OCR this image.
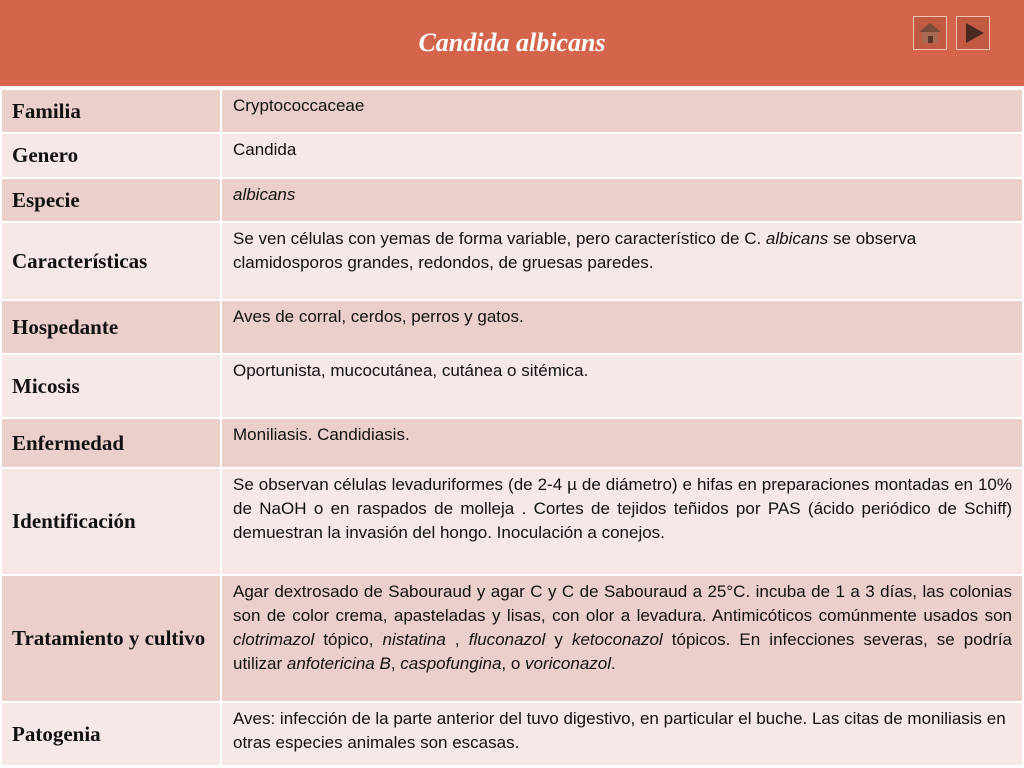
Candida albicans
Familia	Cryptococcaceae
Genero	Candida
Especie	albicans
Características	Se ven células con yemas de forma variable, pero característico de C. albicans se observa clamidosporos grandes, redondos, de gruesas paredes.
Hospedante	Aves de corral, cerdos, perros y gatos.
Micosis	Oportunista, mucocutánea, cutánea o sitémica.
Enfermedad	Moniliasis. Candidiasis.
Identificación	Se observan células levaduriformes (de 2-4 µ de diámetro) e hifas en preparaciones montadas en 10% de NaOH o en raspados de molleja . Cortes de tejidos teñidos por PAS (ácido periódico de Schiff) demuestran la invasión del hongo. Inoculación a conejos.
Tratamiento y cultivo	Agar dextrosado de Sabouraud y agar C y C de Sabouraud a 25°C. incuba de 1 a 3 días, las colonias son de color crema, apasteladas y lisas, con olor a levadura. Antimicóticos comúnmente usados son clotrimazol tópico, nistatina , fluconazol y ketoconazol tópicos. En infecciones severas, se podría utilizar anfotericina B, caspofungina, o voriconazol.
Patogenia	Aves: infección de la parte anterior del tuvo digestivo, en particular el buche. Las citas de moniliasis en otras especies animales son escasas.
